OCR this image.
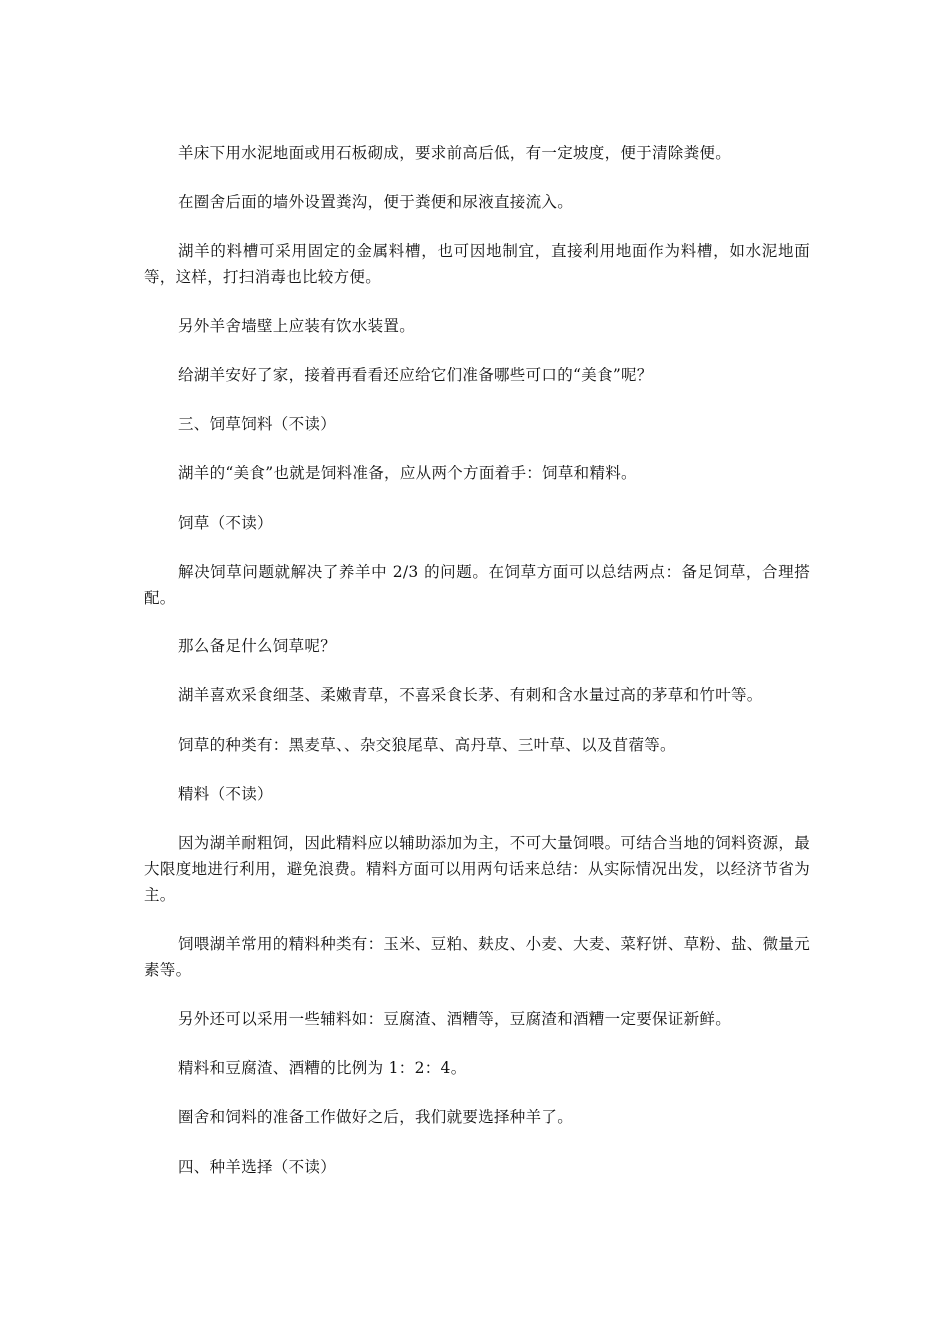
羊床下用水泥地面或用石板砌成，要求前高后低，有一定坡度，便于清除粪便。

在圈舍后面的墙外设置粪沟，便于粪便和尿液直接流入。

湖羊的料槽可采用固定的金属料槽，也可因地制宜，直接利用地面作为料槽，如水泥地面等，这样，打扫消毒也比较方便。

另外羊舍墙壁上应装有饮水装置。

给湖羊安好了家，接着再看看还应给它们准备哪些可口的“美食”呢？

三、饲草饲料（不读）

湖羊的“美食”也就是饲料准备，应从两个方面着手：饲草和精料。

饲草（不读）

解决饲草问题就解决了养羊中 2/3 的问题。在饲草方面可以总结两点：备足饲草，合理搭配。

那么备足什么饲草呢？

湖羊喜欢采食细茎、柔嫩青草，不喜采食长茅、有刺和含水量过高的茅草和竹叶等。

饲草的种类有：黑麦草、、杂交狼尾草、高丹草、三叶草、以及苜蓿等。

精料（不读）

因为湖羊耐粗饲，因此精料应以辅助添加为主，不可大量饲喂。可结合当地的饲料资源，最大限度地进行利用，避免浪费。精料方面可以用两句话来总结：从实际情况出发，以经济节省为主。

饲喂湖羊常用的精料种类有：玉米、豆粕、麸皮、小麦、大麦、菜籽饼、草粉、盐、微量元素等。

另外还可以采用一些辅料如：豆腐渣、酒糟等，豆腐渣和酒糟一定要保证新鲜。

精料和豆腐渣、酒糟的比例为 1：2：4。

圈舍和饲料的准备工作做好之后，我们就要选择种羊了。

四、种羊选择（不读）
